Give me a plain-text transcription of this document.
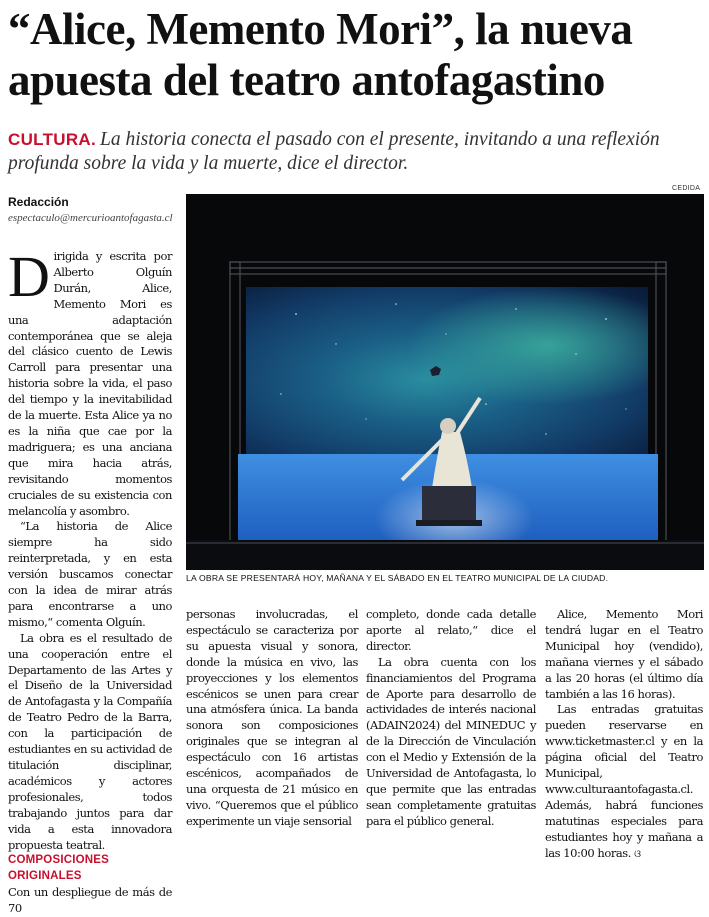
“Alice, Memento Mori”, la nueva apuesta del teatro antofagastino
CULTURA. La historia conecta el pasado con el presente, invitando a una reflexión profunda sobre la vida y la muerte, dice el director.
Redacción
espectaculo@mercurioantofagasta.cl
CEDIDA
LA OBRA SE PRESENTARÁ HOY, MAÑANA Y EL SÁBADO EN EL TEATRO MUNICIPAL DE LA CIUDAD.

Dirigida y escrita por Alberto Olguín Durán, Alice, Memento Mori es una adaptación contemporánea que se aleja del clásico cuento de Lewis Carroll para presentar una historia sobre la vida, el paso del tiempo y la inevitabilidad de la muerte. Esta Alice ya no es la niña que cae por la madriguera; es una anciana que mira hacia atrás, revisitando momentos cruciales de su existencia con melancolía y asombro.

“La historia de Alice siempre ha sido reinterpretada, y en esta versión buscamos conectar con la idea de mirar atrás para encontrarse a uno mismo,“ comenta Olguín.

La obra es el resultado de una cooperación entre el Departamento de las Artes y el Diseño de la Universidad de Antofagasta y la Compañía de Teatro Pedro de la Barra, con la participación de estudiantes en su actividad de titulación disciplinar, académicos y actores profesionales, todos trabajando juntos para dar vida a esta innovadora propuesta teatral.

COMPOSICIONES ORIGINALES

Con un despliegue de más de 70

personas involucradas, el espectáculo se caracteriza por su apuesta visual y sonora, donde la música en vivo, las proyecciones y los elementos escénicos se unen para crear una atmósfera única. La banda sonora son composiciones originales que se integran al espectáculo con 16 artistas escénicos, acompañados de una orquesta de 21 músico en vivo. “Queremos que el público experimente un viaje sensorial

completo, donde cada detalle aporte al relato,“ dice el director.

La obra cuenta con los financiamientos del Programa de Aporte para desarrollo de actividades de interés nacional (ADAIN2024) del MINEDUC y de la Dirección de Vinculación con el Medio y Extensión de la Universidad de Antofagasta, lo que permite que las entradas sean completamente gratuitas para el público general.

Alice, Memento Mori tendrá lugar en el Teatro Municipal hoy (vendido), mañana viernes y el sábado a las 20 horas (el último día también a las 16 horas).

Las entradas gratuitas pueden reservarse en www.ticketmaster.cl y en la página oficial del Teatro Municipal, www.culturaantofagasta.cl. Además, habrá funciones matutinas especiales para estudiantes hoy y mañana a las 10:00 horas. ଓ
